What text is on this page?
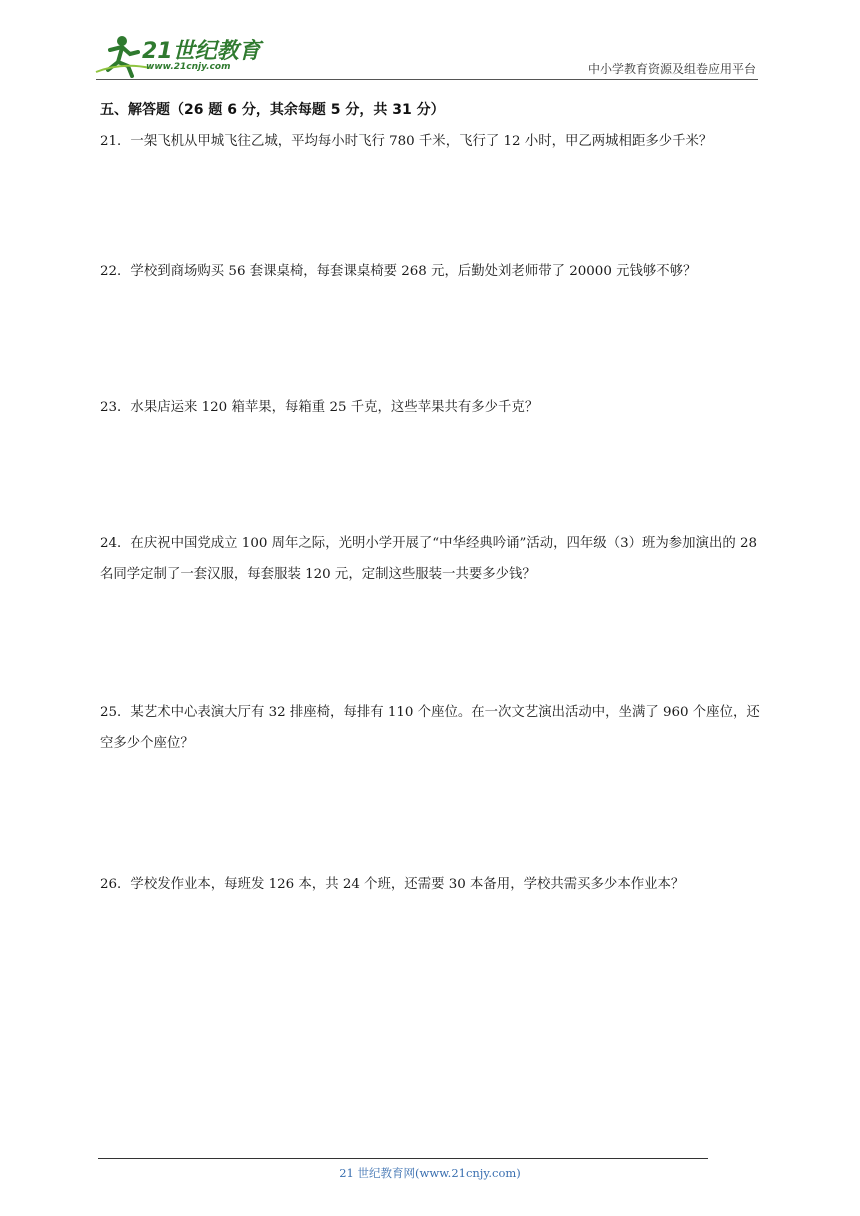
21世纪教育
www.21cnjy.com	中小学教育资源及组卷应用平台
五、解答题（26 题 6 分，其余每题 5 分，共 31 分）
21．一架飞机从甲城飞往乙城，平均每小时飞行 780 千米，飞行了 12 小时，甲乙两城相距多少千米？
22．学校到商场购买 56 套课桌椅，每套课桌椅要 268 元，后勤处刘老师带了 20000 元钱够不够？
23．水果店运来 120 箱苹果，每箱重 25 千克，这些苹果共有多少千克？
24．在庆祝中国党成立 100 周年之际，光明小学开展了“中华经典吟诵”活动，四年级（3）班为参加演出的 28 名同学定制了一套汉服，每套服装 120 元，定制这些服装一共要多少钱？
25．某艺术中心表演大厅有 32 排座椅，每排有 110 个座位。在一次文艺演出活动中，坐满了 960 个座位，还空多少个座位？
26．学校发作业本，每班发 126 本，共 24 个班，还需要 30 本备用，学校共需买多少本作业本？
21 世纪教育网(www.21cnjy.com)
